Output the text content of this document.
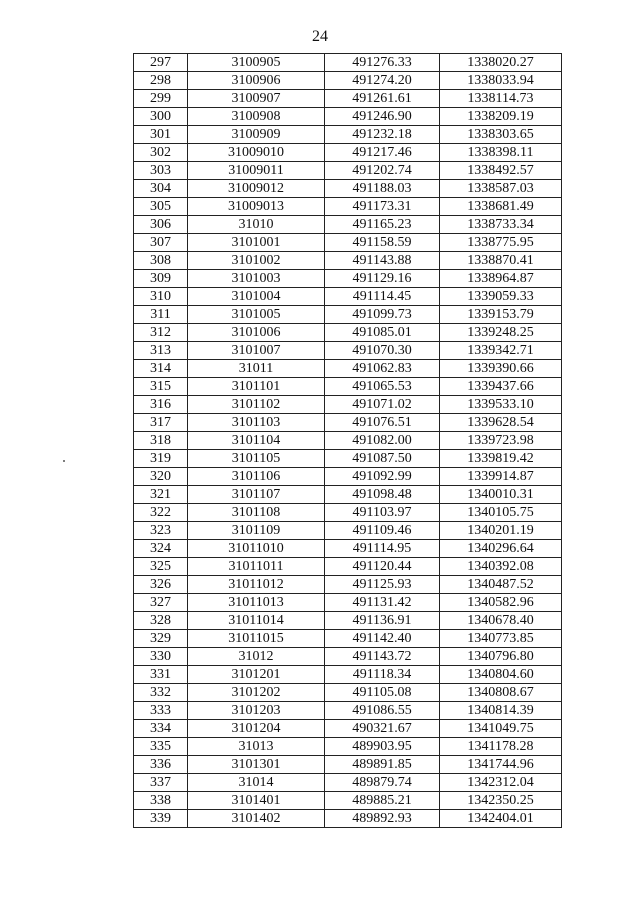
24
297	3100905	491276.33	1338020.27
298	3100906	491274.20	1338033.94
299	3100907	491261.61	1338114.73
300	3100908	491246.90	1338209.19
301	3100909	491232.18	1338303.65
302	31009010	491217.46	1338398.11
303	31009011	491202.74	1338492.57
304	31009012	491188.03	1338587.03
305	31009013	491173.31	1338681.49
306	31010	491165.23	1338733.34
307	3101001	491158.59	1338775.95
308	3101002	491143.88	1338870.41
309	3101003	491129.16	1338964.87
310	3101004	491114.45	1339059.33
311	3101005	491099.73	1339153.79
312	3101006	491085.01	1339248.25
313	3101007	491070.30	1339342.71
314	31011	491062.83	1339390.66
315	3101101	491065.53	1339437.66
316	3101102	491071.02	1339533.10
317	3101103	491076.51	1339628.54
318	3101104	491082.00	1339723.98
319	3101105	491087.50	1339819.42
320	3101106	491092.99	1339914.87
321	3101107	491098.48	1340010.31
322	3101108	491103.97	1340105.75
323	3101109	491109.46	1340201.19
324	31011010	491114.95	1340296.64
325	31011011	491120.44	1340392.08
326	31011012	491125.93	1340487.52
327	31011013	491131.42	1340582.96
328	31011014	491136.91	1340678.40
329	31011015	491142.40	1340773.85
330	31012	491143.72	1340796.80
331	3101201	491118.34	1340804.60
332	3101202	491105.08	1340808.67
333	3101203	491086.55	1340814.39
334	3101204	490321.67	1341049.75
335	31013	489903.95	1341178.28
336	3101301	489891.85	1341744.96
337	31014	489879.74	1342312.04
338	3101401	489885.21	1342350.25
339	3101402	489892.93	1342404.01
